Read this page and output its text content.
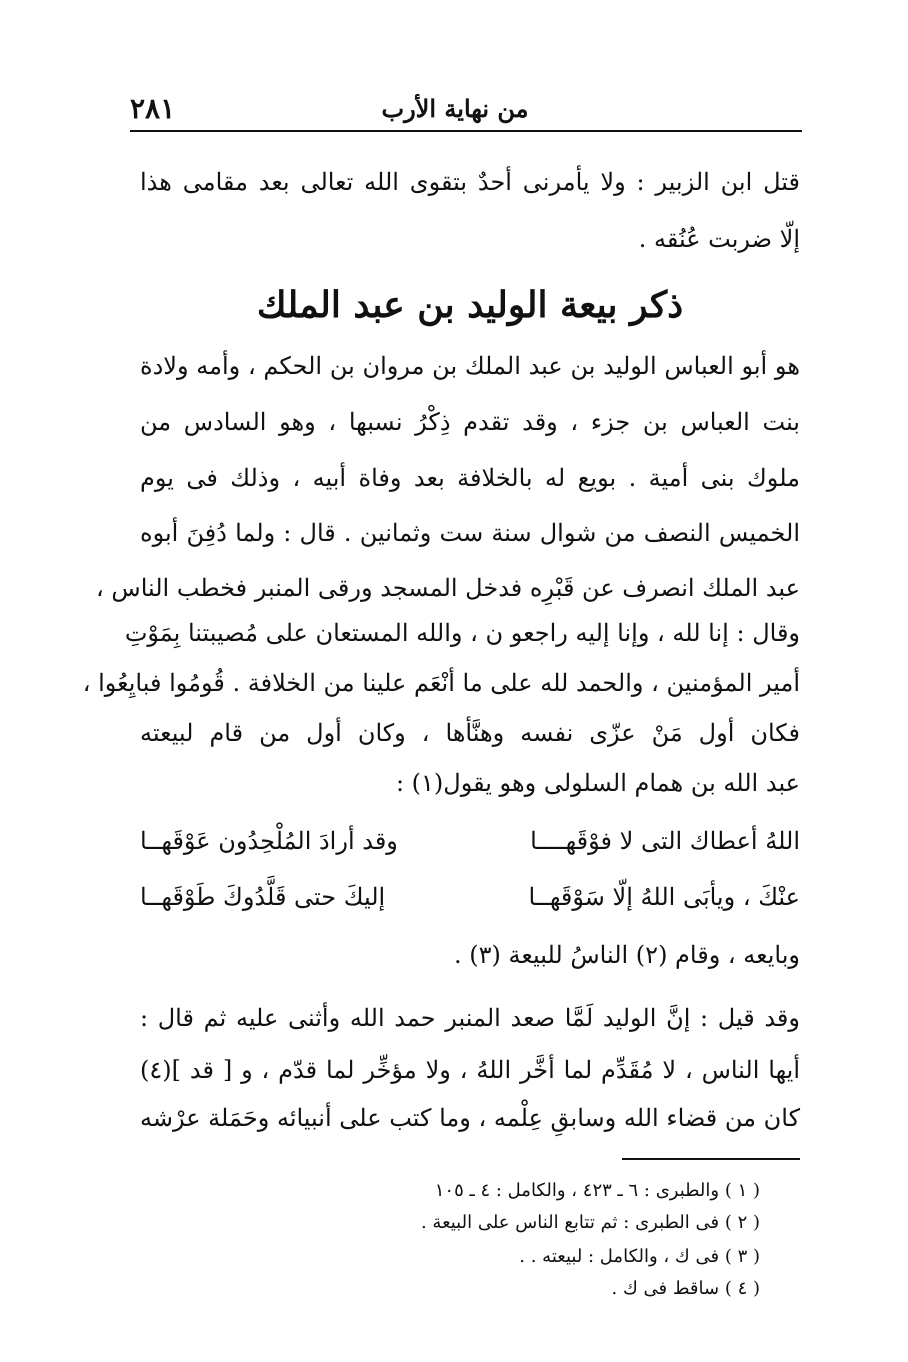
٢٨١	من نهاية الأرب
قتل ابن الزبير : ولا يأمرنى أحدٌ بتقوى الله تعالى بعد مقامى هذا
إلّا ضربت عُنُقه .
ذكر بيعة الوليد بن عبد الملك
هو أبو العباس الوليد بن عبد الملك بن مروان بن الحكم ، وأمه ولادة
بنت العباس بن جزء ، وقد تقدم ذِكْرُ نسبها ، وهو السادس من
ملوك بنى أمية . بويع له بالخلافة بعد وفاة أبيه ، وذلك فى يوم
الخميس النصف من شوال سنة ست وثمانين . قال : ولما دُفِنَ أبوه
عبد الملك انصرف عن قَبْرِه فدخل المسجد ورقى المنبر فخطب الناس ،
وقال : إنا لله ، وإنا إليه راجعو ن ، والله المستعان على مُصيبتنا بِمَوْتِ
أمير المؤمنين ، والحمد لله على ما أنْعَم علينا من الخلافة . قُومُوا فبايِعُوا ،
فكان أول مَنْ عزّى نفسه وهنَّأها ، وكان أول من قام لبيعته
عبد الله بن همام السلولى وهو يقول(١) :
اللهُ أعطاك التى لا فوْقَهــــا
وقد أرادَ المُلْحِدُون عَوْقَهــا
عنْكَ ، ويأبَى اللهُ إلّا سَوْقَهــا
إليكَ حتى قَلَّدُوكَ طَوْقَهــا
وبايعه ، وقام (٢) الناسُ للبيعة (٣) .
وقد قيل : إنَّ الوليد لَمَّا صعد المنبر حمد الله وأثنى عليه ثم قال :
أيها الناس ، لا مُقَدِّم لما أخَّر اللهُ ، ولا مؤخِّر لما قدّم ، و [ قد ](٤)
كان من قضاء الله وسابقِ عِلْمه ، وما كتب على أنبيائه وحَمَلة عرْشه
( ١ ) والطبرى : ٦ ـ ٤٢٣ ، والكامل : ٤ ـ ١٠٥
( ٢ ) فى الطبرى : ثم تتابع الناس على البيعة .
( ٣ ) فى ك ، والكامل : لبيعته . .
( ٤ ) ساقط فى ك .
